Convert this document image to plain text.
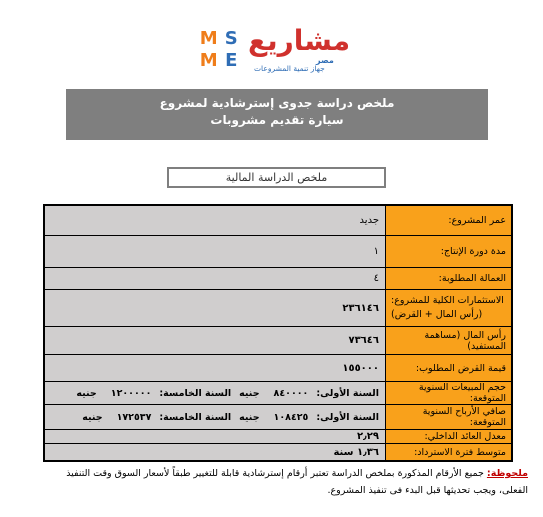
M S
M E
مشاريع
مصر
جهاز تنمية المشروعات
ملخص دراسة جدوى إسترشادية لمشروع
سيارة تقديم مشروبات
ملخص الدراسة المالية
عمر المشروع:
جديد
مدة دورة الإنتاج:
١
العمالة المطلوبة:
٤
الاستثمارات الكلية للمشروع:
(رأس المال + القرض)
٢٣٦١٤٦
رأس المال (مساهمة المستفيد)
٧٣٦٤٦
قيمة القرض المطلوب:
١٥٥٠٠٠
حجم المبيعات السنوية المتوقعة:
السنة الأولى:
٨٤٠٠٠٠
جنيه
السنة الخامسة:
١٢٠٠٠٠٠
جنيه
صافي الأرباح السنوية المتوقعة:
السنة الأولى:
١٠٨٤٢٥
جنيه
السنة الخامسة:
١٧٢٥٣٧
جنيه
معدل العائد الداخلي:
٢٫٢٩
متوسط فترة الاسترداد:
١٫٣٦ سنة
ملحوظة: جميع الأرقام المذكورة بملخص الدراسة تعتبر أرقام إسترشادية قابلة للتغيير طبقاً لأسعار السوق وقت التنفيذ الفعلى، ويجب تحديثها قبل البدء فى تنفيذ المشروع.
